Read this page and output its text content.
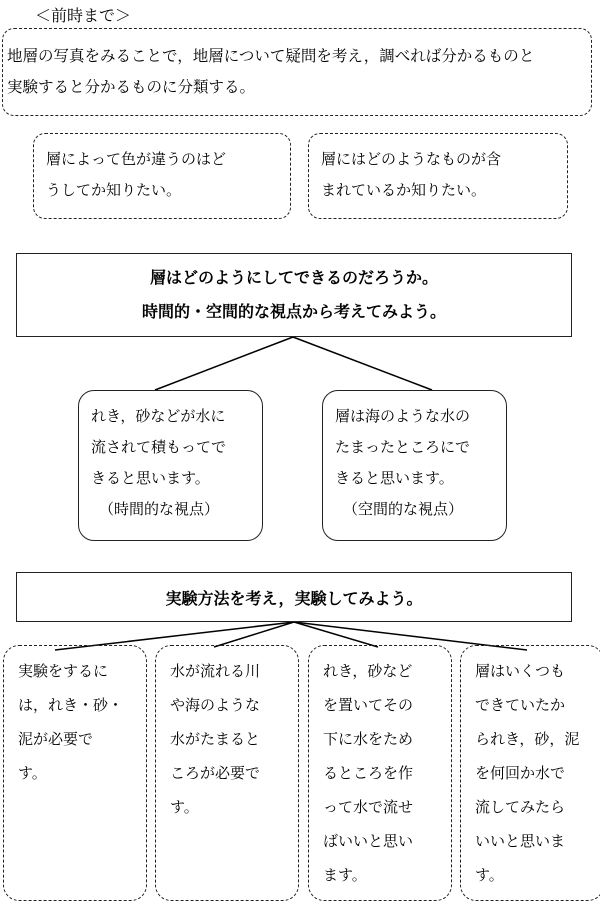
＜前時まで＞
地層の写真をみることで，地層について疑問を考え，調べれば分かるものと
実験すると分かるものに分類する。
層によって色が違うのはど
うしてか知りたい。
層にはどのようなものが含
まれているか知りたい。
層はどのようにしてできるのだろうか。
時間的・空間的な視点から考えてみよう。
れき，砂などが水に
流されて積もってで
きると思います。
（時間的な視点）
層は海のような水の
たまったところにで
きると思います。
（空間的な視点）
実験方法を考え，実験してみよう。
実験をするに
は，れき・砂・
泥が必要で
す。
水が流れる川
や海のような
水がたまると
ころが必要で
す。
れき，砂など
を置いてその
下に水をため
るところを作
って水で流せ
ばいいと思い
ます。
層はいくつも
できていたか
られき，砂，泥
を何回か水で
流してみたら
いいと思いま
す。
